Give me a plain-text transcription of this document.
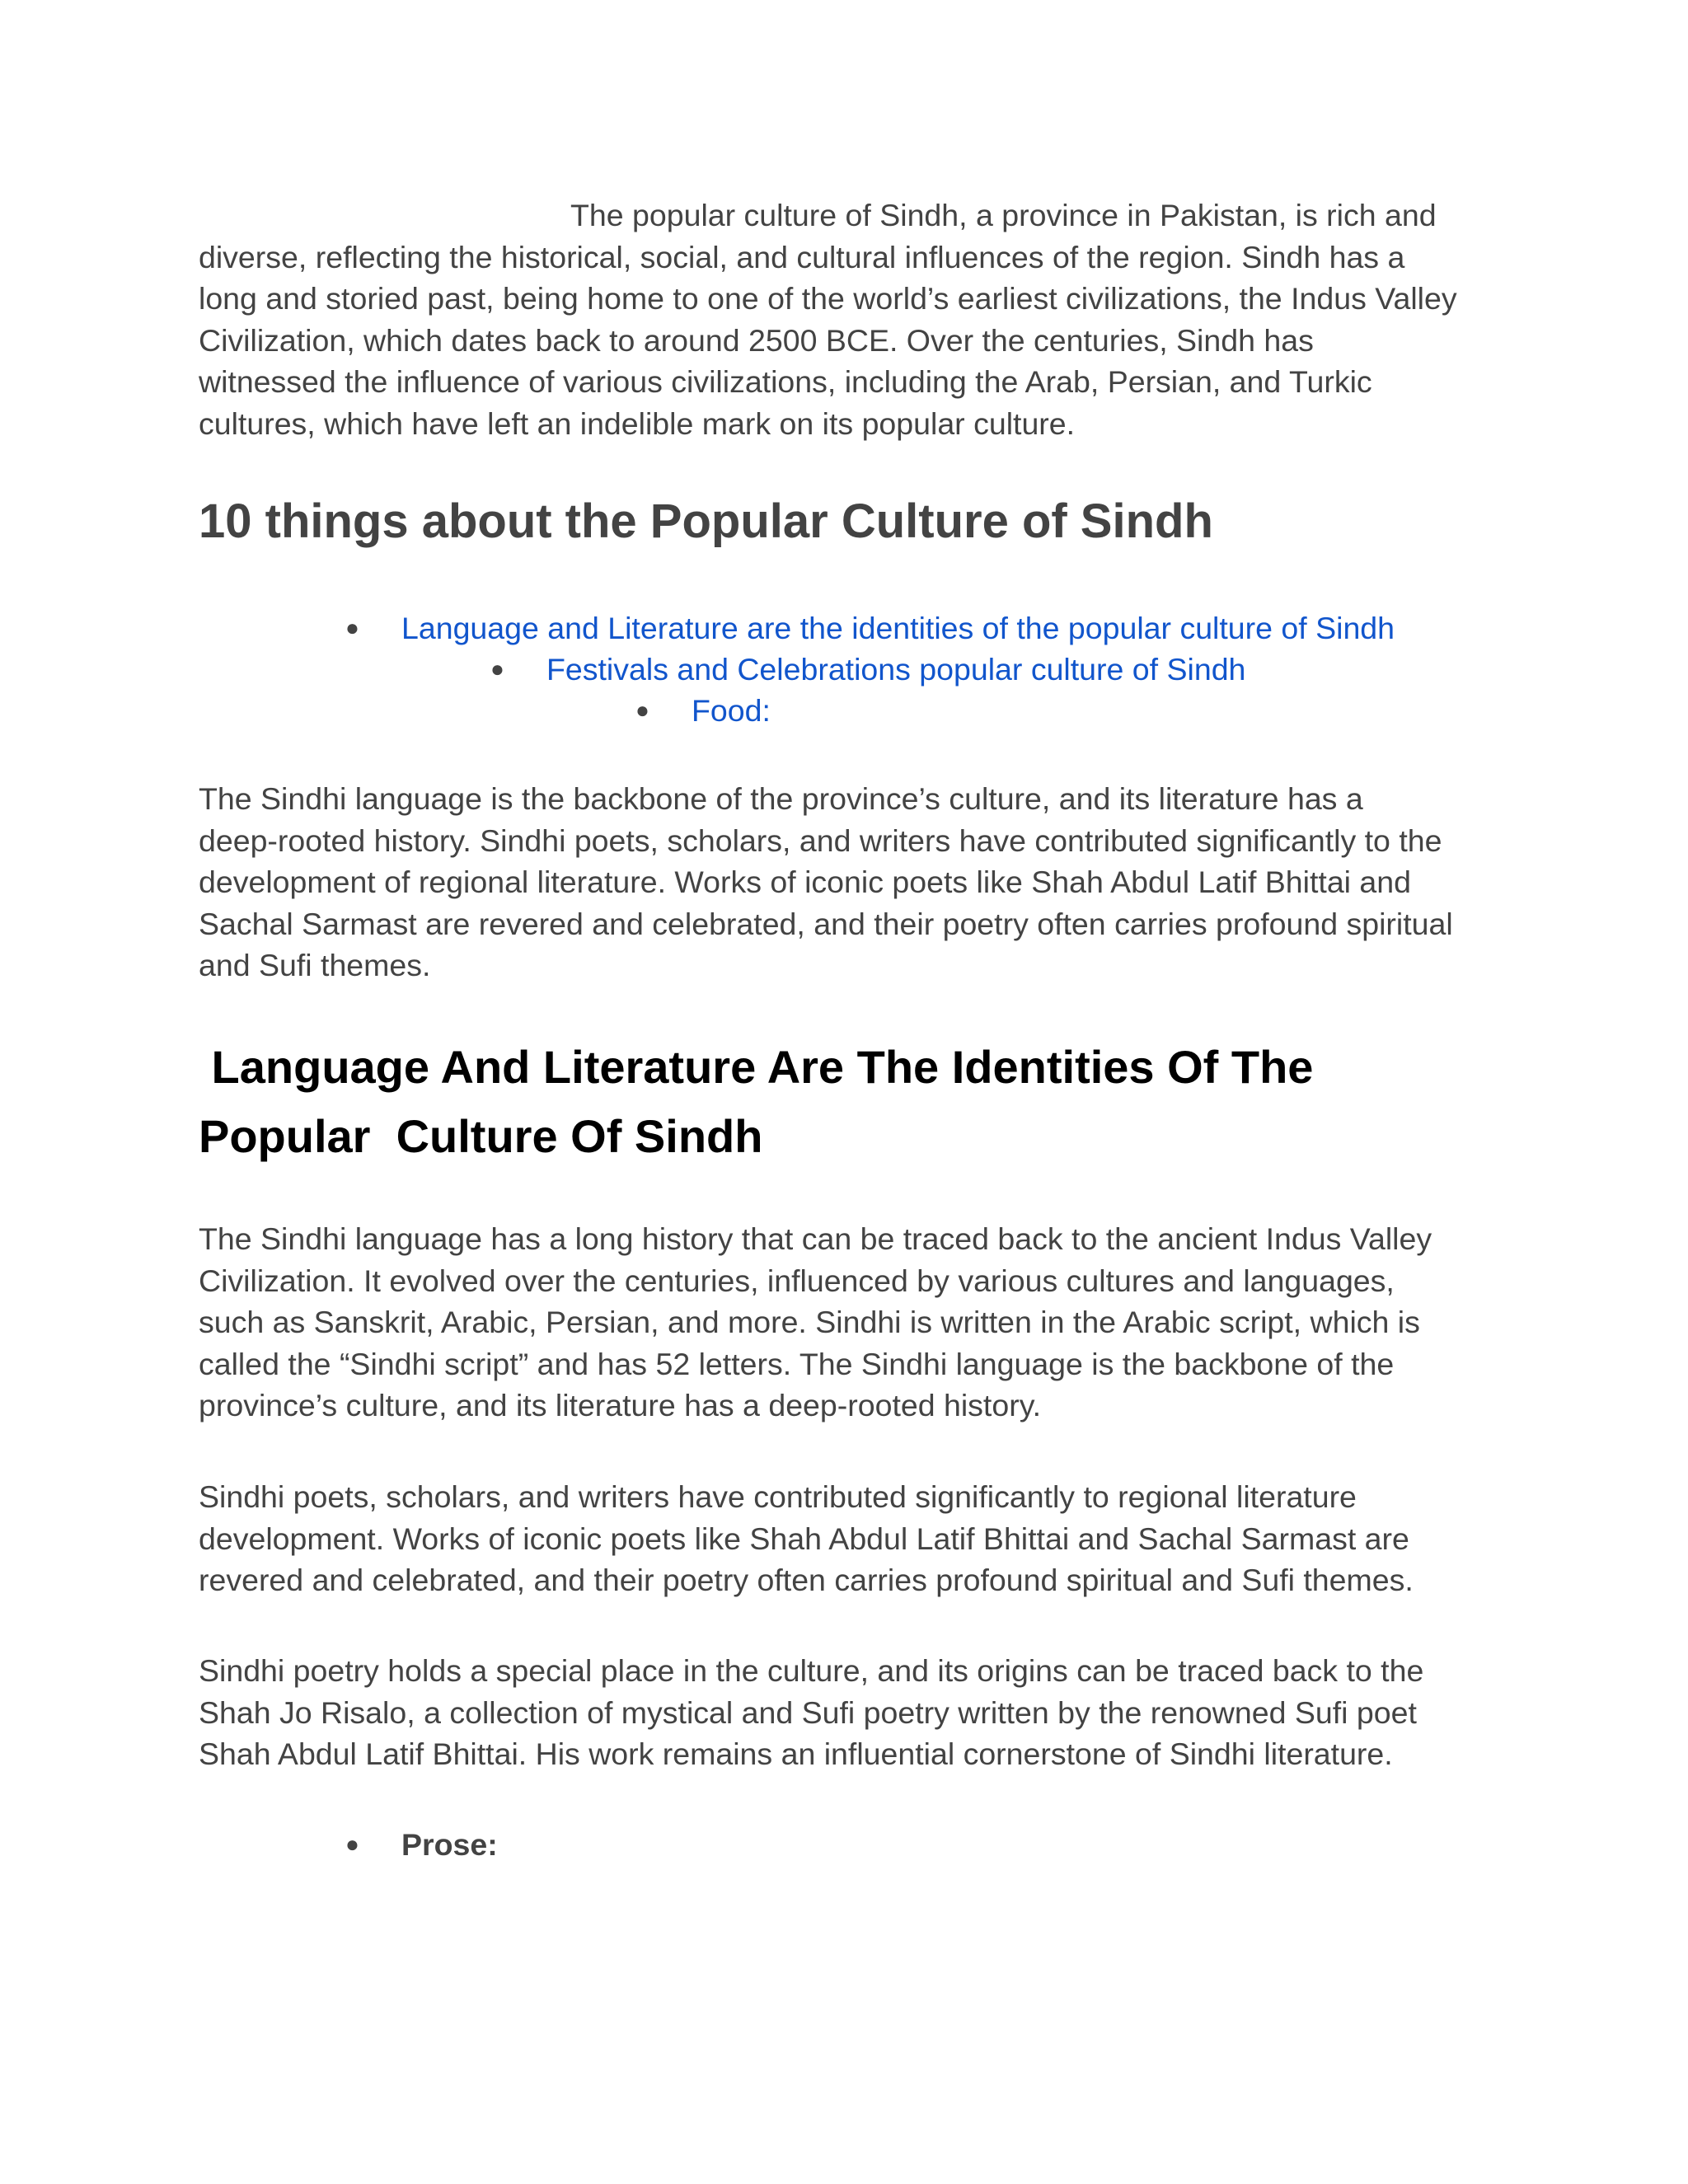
The popular culture of Sindh, a province in Pakistan, is rich and
diverse, reflecting the historical, social, and cultural influences of the region. Sindh has a
long and storied past, being home to one of the world’s earliest civilizations, the Indus Valley
Civilization, which dates back to around 2500 BCE. Over the centuries, Sindh has
witnessed the influence of various civilizations, including the Arab, Persian, and Turkic
cultures, which have left an indelible mark on its popular culture.
10 things about the Popular Culture of Sindh
● Language and Literature are the identities of the popular culture of Sindh
● Festivals and Celebrations popular culture of Sindh
● Food:
The Sindhi language is the backbone of the province’s culture, and its literature has a
deep-rooted history. Sindhi poets, scholars, and writers have contributed significantly to the
development of regional literature. Works of iconic poets like Shah Abdul Latif Bhittai and
Sachal Sarmast are revered and celebrated, and their poetry often carries profound spiritual
and Sufi themes.
Language And Literature Are The Identities Of The
Popular  Culture Of Sindh
The Sindhi language has a long history that can be traced back to the ancient Indus Valley
Civilization. It evolved over the centuries, influenced by various cultures and languages,
such as Sanskrit, Arabic, Persian, and more. Sindhi is written in the Arabic script, which is
called the “Sindhi script” and has 52 letters. The Sindhi language is the backbone of the
province’s culture, and its literature has a deep-rooted history.
Sindhi poets, scholars, and writers have contributed significantly to regional literature
development. Works of iconic poets like Shah Abdul Latif Bhittai and Sachal Sarmast are
revered and celebrated, and their poetry often carries profound spiritual and Sufi themes.
Sindhi poetry holds a special place in the culture, and its origins can be traced back to the
Shah Jo Risalo, a collection of mystical and Sufi poetry written by the renowned Sufi poet
Shah Abdul Latif Bhittai. His work remains an influential cornerstone of Sindhi literature.
● Prose:
